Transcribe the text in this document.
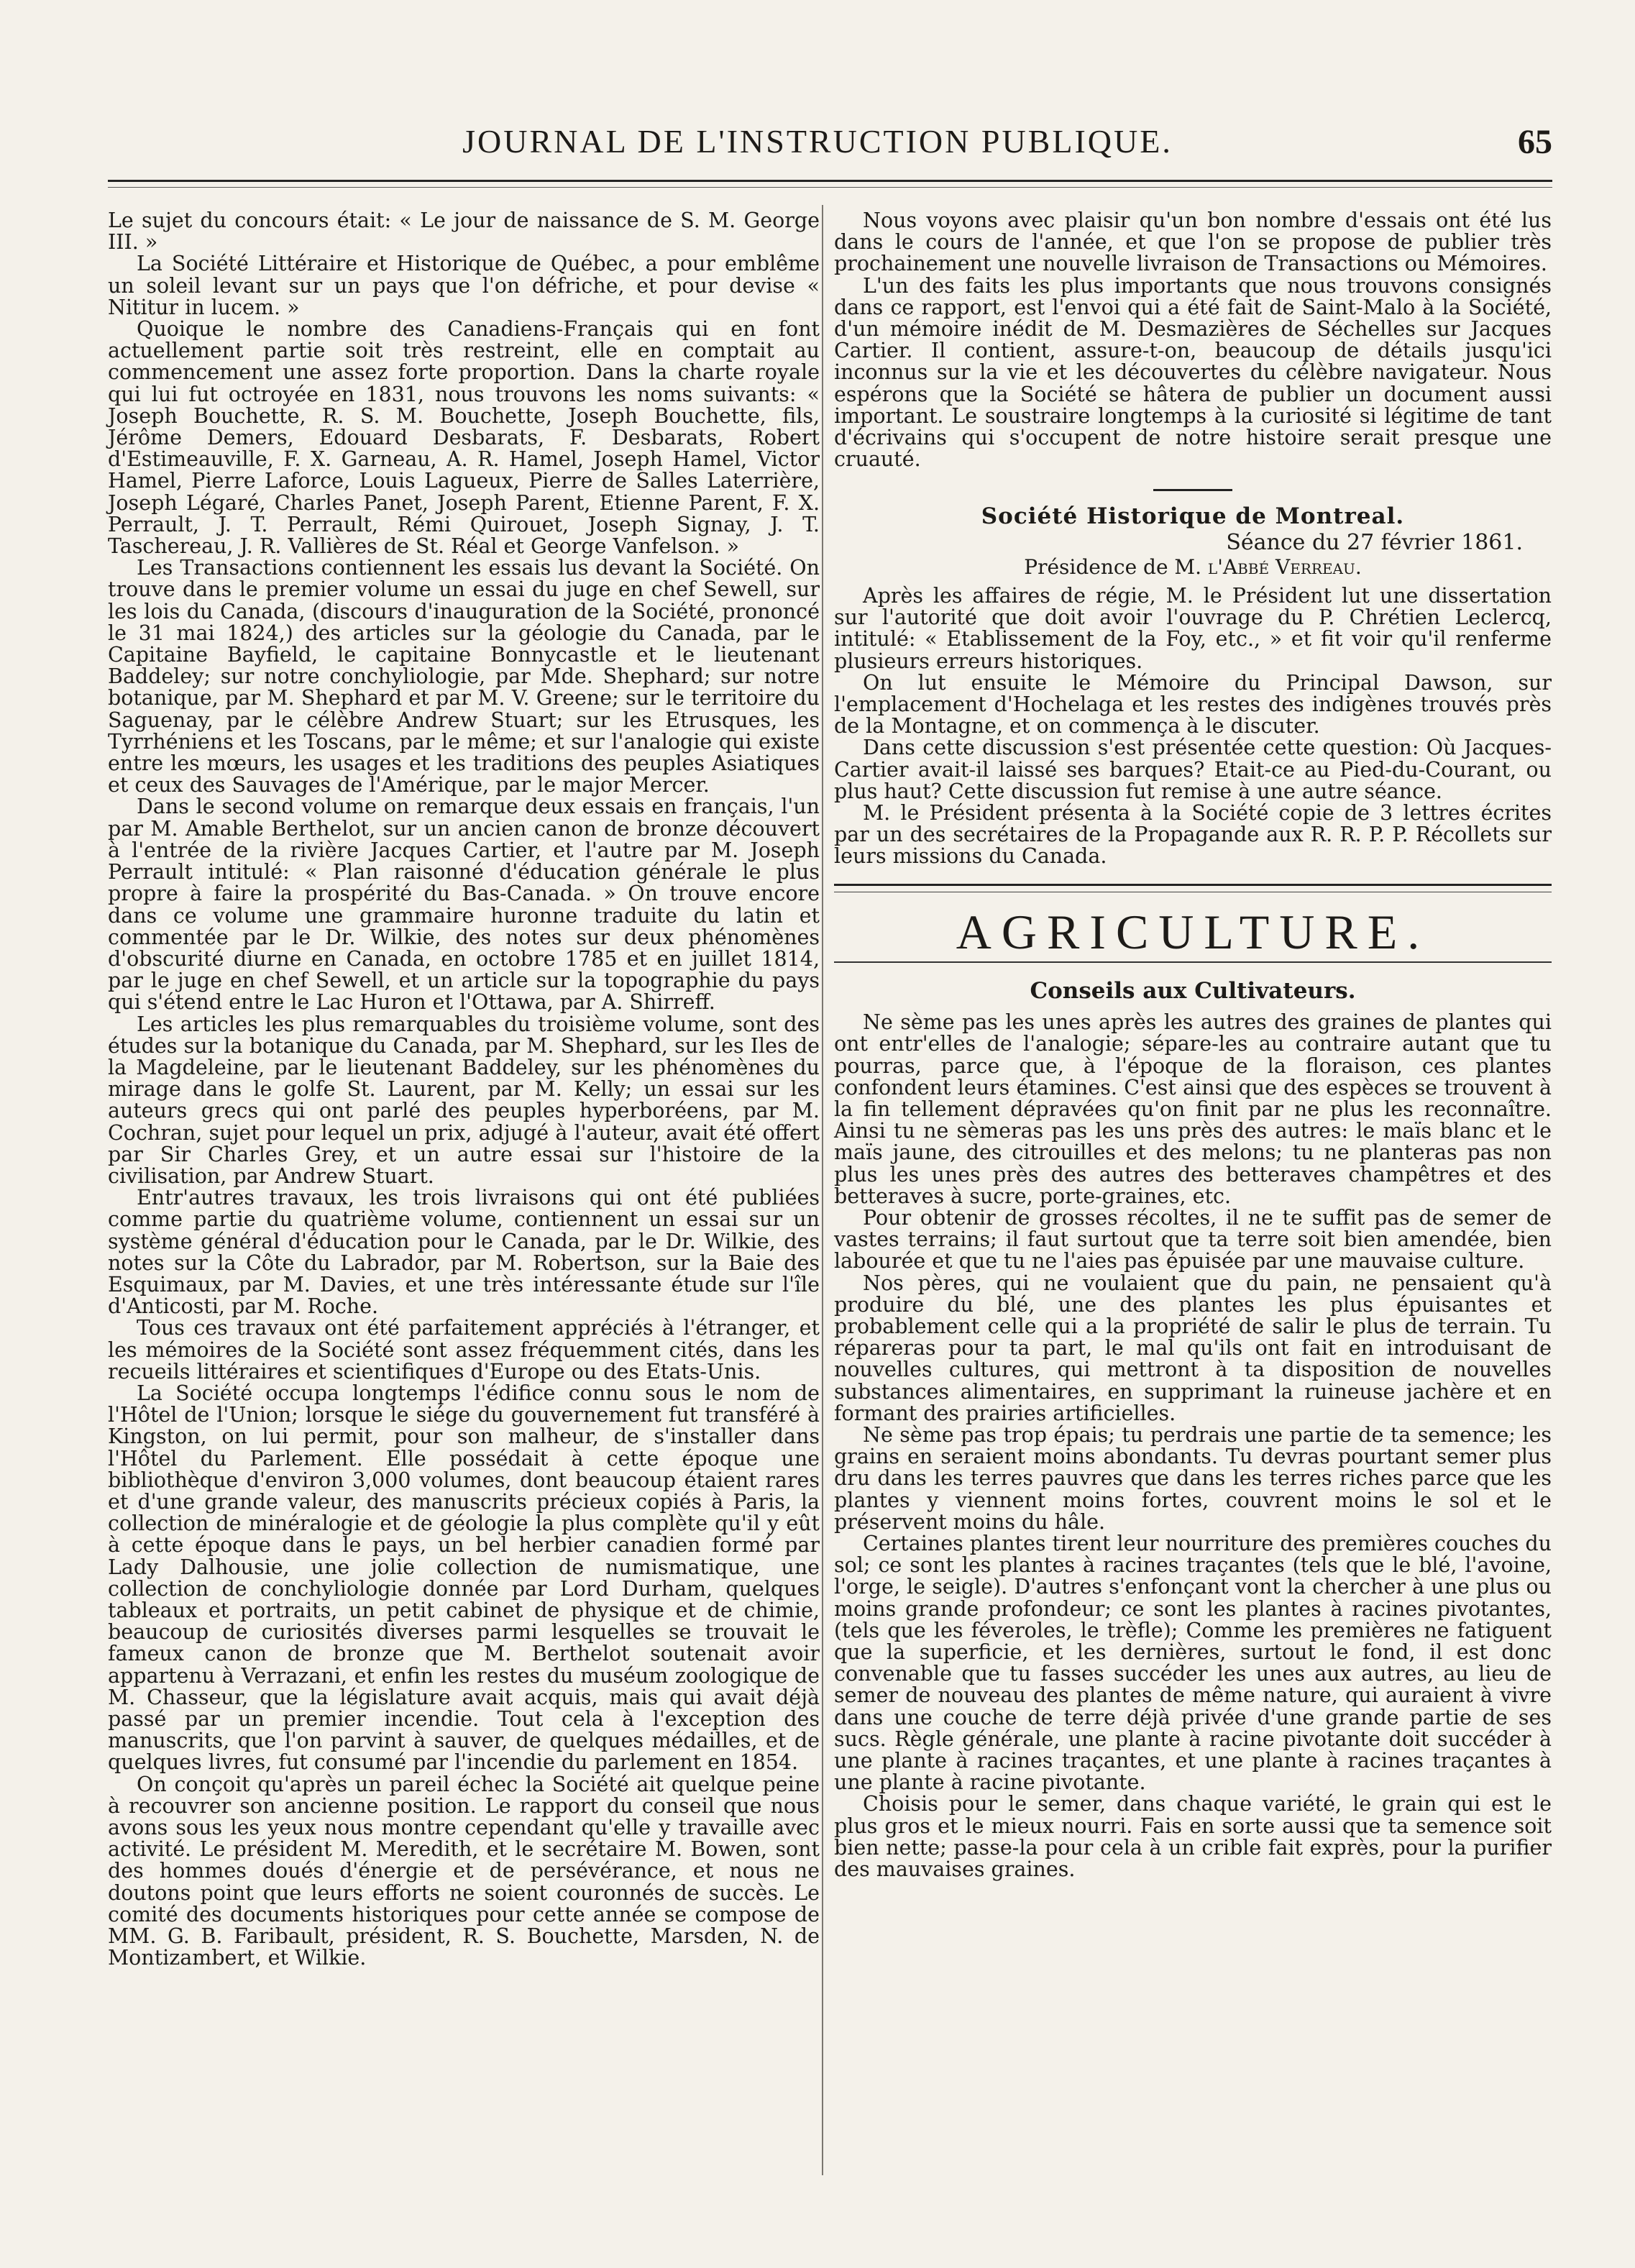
JOURNAL DE L'INSTRUCTION PUBLIQUE.	65

Le sujet du concours était: « Le jour de naissance de S. M. George III. »

La Société Littéraire et Historique de Québec, a pour emblême un soleil levant sur un pays que l'on défriche, et pour devise « Nititur in lucem. »

Quoique le nombre des Canadiens-Français qui en font actuellement partie soit très restreint, elle en comptait au commencement une assez forte proportion. Dans la charte royale qui lui fut octroyée en 1831, nous trouvons les noms suivants: « Joseph Bouchette, R. S. M. Bouchette, Joseph Bouchette, fils, Jérôme Demers, Edouard Desbarats, F. Desbarats, Robert d'Estimeauville, F. X. Garneau, A. R. Hamel, Joseph Hamel, Victor Hamel, Pierre Laforce, Louis Lagueux, Pierre de Salles Laterrière, Joseph Légaré, Charles Panet, Joseph Parent, Etienne Parent, F. X. Perrault, J. T. Perrault, Rémi Quirouet, Joseph Signay, J. T. Taschereau, J. R. Vallières de St. Réal et George Vanfelson. »

Les Transactions contiennent les essais lus devant la Société. On trouve dans le premier volume un essai du juge en chef Sewell, sur les lois du Canada, (discours d'inauguration de la Société, prononcé le 31 mai 1824,) des articles sur la géologie du Canada, par le Capitaine Bayfield, le capitaine Bonnycastle et le lieutenant Baddeley; sur notre conchyliologie, par Mde. Shephard; sur notre botanique, par M. Shephard et par M. V. Greene; sur le territoire du Saguenay, par le célèbre Andrew Stuart; sur les Etrusques, les Tyrrhéniens et les Toscans, par le même; et sur l'analogie qui existe entre les mœurs, les usages et les traditions des peuples Asiatiques et ceux des Sauvages de l'Amérique, par le major Mercer.

Dans le second volume on remarque deux essais en français, l'un par M. Amable Berthelot, sur un ancien canon de bronze découvert à l'entrée de la rivière Jacques Cartier, et l'autre par M. Joseph Perrault intitulé: « Plan raisonné d'éducation générale le plus propre à faire la prospérité du Bas-Canada. » On trouve encore dans ce volume une grammaire huronne traduite du latin et commentée par le Dr. Wilkie, des notes sur deux phénomènes d'obscurité diurne en Canada, en octobre 1785 et en juillet 1814, par le juge en chef Sewell, et un article sur la topographie du pays qui s'étend entre le Lac Huron et l'Ottawa, par A. Shirreff.

Les articles les plus remarquables du troisième volume, sont des études sur la botanique du Canada, par M. Shephard, sur les Iles de la Magdeleine, par le lieutenant Baddeley, sur les phénomènes du mirage dans le golfe St. Laurent, par M. Kelly; un essai sur les auteurs grecs qui ont parlé des peuples hyperboréens, par M. Cochran, sujet pour lequel un prix, adjugé à l'auteur, avait été offert par Sir Charles Grey, et un autre essai sur l'histoire de la civilisation, par Andrew Stuart.

Entr'autres travaux, les trois livraisons qui ont été publiées comme partie du quatrième volume, contiennent un essai sur un système général d'éducation pour le Canada, par le Dr. Wilkie, des notes sur la Côte du Labrador, par M. Robertson, sur la Baie des Esquimaux, par M. Davies, et une très intéressante étude sur l'île d'Anticosti, par M. Roche.

Tous ces travaux ont été parfaitement appréciés à l'étranger, et les mémoires de la Société sont assez fréquemment cités, dans les recueils littéraires et scientifiques d'Europe ou des Etats-Unis.

La Société occupa longtemps l'édifice connu sous le nom de l'Hôtel de l'Union; lorsque le siége du gouvernement fut transféré à Kingston, on lui permit, pour son malheur, de s'installer dans l'Hôtel du Parlement. Elle possédait à cette époque une bibliothèque d'environ 3,000 volumes, dont beaucoup étaient rares et d'une grande valeur, des manuscrits précieux copiés à Paris, la collection de minéralogie et de géologie la plus complète qu'il y eût à cette époque dans le pays, un bel herbier canadien formé par Lady Dalhousie, une jolie collection de numismatique, une collection de conchyliologie donnée par Lord Durham, quelques tableaux et portraits, un petit cabinet de physique et de chimie, beaucoup de curiosités diverses parmi lesquelles se trouvait le fameux canon de bronze que M. Berthelot soutenait avoir appartenu à Verrazani, et enfin les restes du muséum zoologique de M. Chasseur, que la législature avait acquis, mais qui avait déjà passé par un premier incendie. Tout cela à l'exception des manuscrits, que l'on parvint à sauver, de quelques médailles, et de quelques livres, fut consumé par l'incendie du parlement en 1854.

On conçoit qu'après un pareil échec la Société ait quelque peine à recouvrer son ancienne position. Le rapport du conseil que nous avons sous les yeux nous montre cependant qu'elle y travaille avec activité. Le président M. Meredith, et le secrétaire M. Bowen, sont des hommes doués d'énergie et de persévérance, et nous ne doutons point que leurs efforts ne soient couronnés de succès. Le comité des documents historiques pour cette année se compose de MM. G. B. Faribault, président, R. S. Bouchette, Marsden, N. de Montizambert, et Wilkie.

Nous voyons avec plaisir qu'un bon nombre d'essais ont été lus dans le cours de l'année, et que l'on se propose de publier très prochainement une nouvelle livraison de Transactions ou Mémoires.

L'un des faits les plus importants que nous trouvons consignés dans ce rapport, est l'envoi qui a été fait de Saint-Malo à la Société, d'un mémoire inédit de M. Desmazières de Séchelles sur Jacques Cartier. Il contient, assure-t-on, beaucoup de détails jusqu'ici inconnus sur la vie et les découvertes du célèbre navigateur. Nous espérons que la Société se hâtera de publier un document aussi important. Le soustraire longtemps à la curiosité si légitime de tant d'écrivains qui s'occupent de notre histoire serait presque une cruauté.

Société Historique de Montreal.
Séance du 27 février 1861.
Présidence de M. l'Abbé Verreau.

Après les affaires de régie, M. le Président lut une dissertation sur l'autorité que doit avoir l'ouvrage du P. Chrétien Leclercq, intitulé: « Etablissement de la Foy, etc., » et fit voir qu'il renferme plusieurs erreurs historiques.

On lut ensuite le Mémoire du Principal Dawson, sur l'emplacement d'Hochelaga et les restes des indigènes trouvés près de la Montagne, et on commença à le discuter.

Dans cette discussion s'est présentée cette question: Où Jacques-Cartier avait-il laissé ses barques? Etait-ce au Pied-du-Courant, ou plus haut? Cette discussion fut remise à une autre séance.

M. le Président présenta à la Société copie de 3 lettres écrites par un des secrétaires de la Propagande aux R. R. P. P. Récollets sur leurs missions du Canada.

AGRICULTURE.
Conseils aux Cultivateurs.

Ne sème pas les unes après les autres des graines de plantes qui ont entr'elles de l'analogie; sépare-les au contraire autant que tu pourras, parce que, à l'époque de la floraison, ces plantes confondent leurs étamines. C'est ainsi que des espèces se trouvent à la fin tellement dépravées qu'on finit par ne plus les reconnaître. Ainsi tu ne sèmeras pas les uns près des autres: le maïs blanc et le maïs jaune, des citrouilles et des melons; tu ne planteras pas non plus les unes près des autres des betteraves champêtres et des betteraves à sucre, porte-graines, etc.

Pour obtenir de grosses récoltes, il ne te suffit pas de semer de vastes terrains; il faut surtout que ta terre soit bien amendée, bien labourée et que tu ne l'aies pas épuisée par une mauvaise culture.

Nos pères, qui ne voulaient que du pain, ne pensaient qu'à produire du blé, une des plantes les plus épuisantes et probablement celle qui a la propriété de salir le plus de terrain. Tu répareras pour ta part, le mal qu'ils ont fait en introduisant de nouvelles cultures, qui mettront à ta disposition de nouvelles substances alimentaires, en supprimant la ruineuse jachère et en formant des prairies artificielles.

Ne sème pas trop épais; tu perdrais une partie de ta semence; les grains en seraient moins abondants. Tu devras pourtant semer plus dru dans les terres pauvres que dans les terres riches parce que les plantes y viennent moins fortes, couvrent moins le sol et le préservent moins du hâle.

Certaines plantes tirent leur nourriture des premières couches du sol; ce sont les plantes à racines traçantes (tels que le blé, l'avoine, l'orge, le seigle). D'autres s'enfonçant vont la chercher à une plus ou moins grande profondeur; ce sont les plantes à racines pivotantes, (tels que les féveroles, le trèfle); Comme les premières ne fatiguent que la superficie, et les dernières, surtout le fond, il est donc convenable que tu fasses succéder les unes aux autres, au lieu de semer de nouveau des plantes de même nature, qui auraient à vivre dans une couche de terre déjà privée d'une grande partie de ses sucs. Règle générale, une plante à racine pivotante doit succéder à une plante à racines traçantes, et une plante à racines traçantes à une plante à racine pivotante.

Choisis pour le semer, dans chaque variété, le grain qui est le plus gros et le mieux nourri. Fais en sorte aussi que ta semence soit bien nette; passe-la pour cela à un crible fait exprès, pour la purifier des mauvaises graines.
